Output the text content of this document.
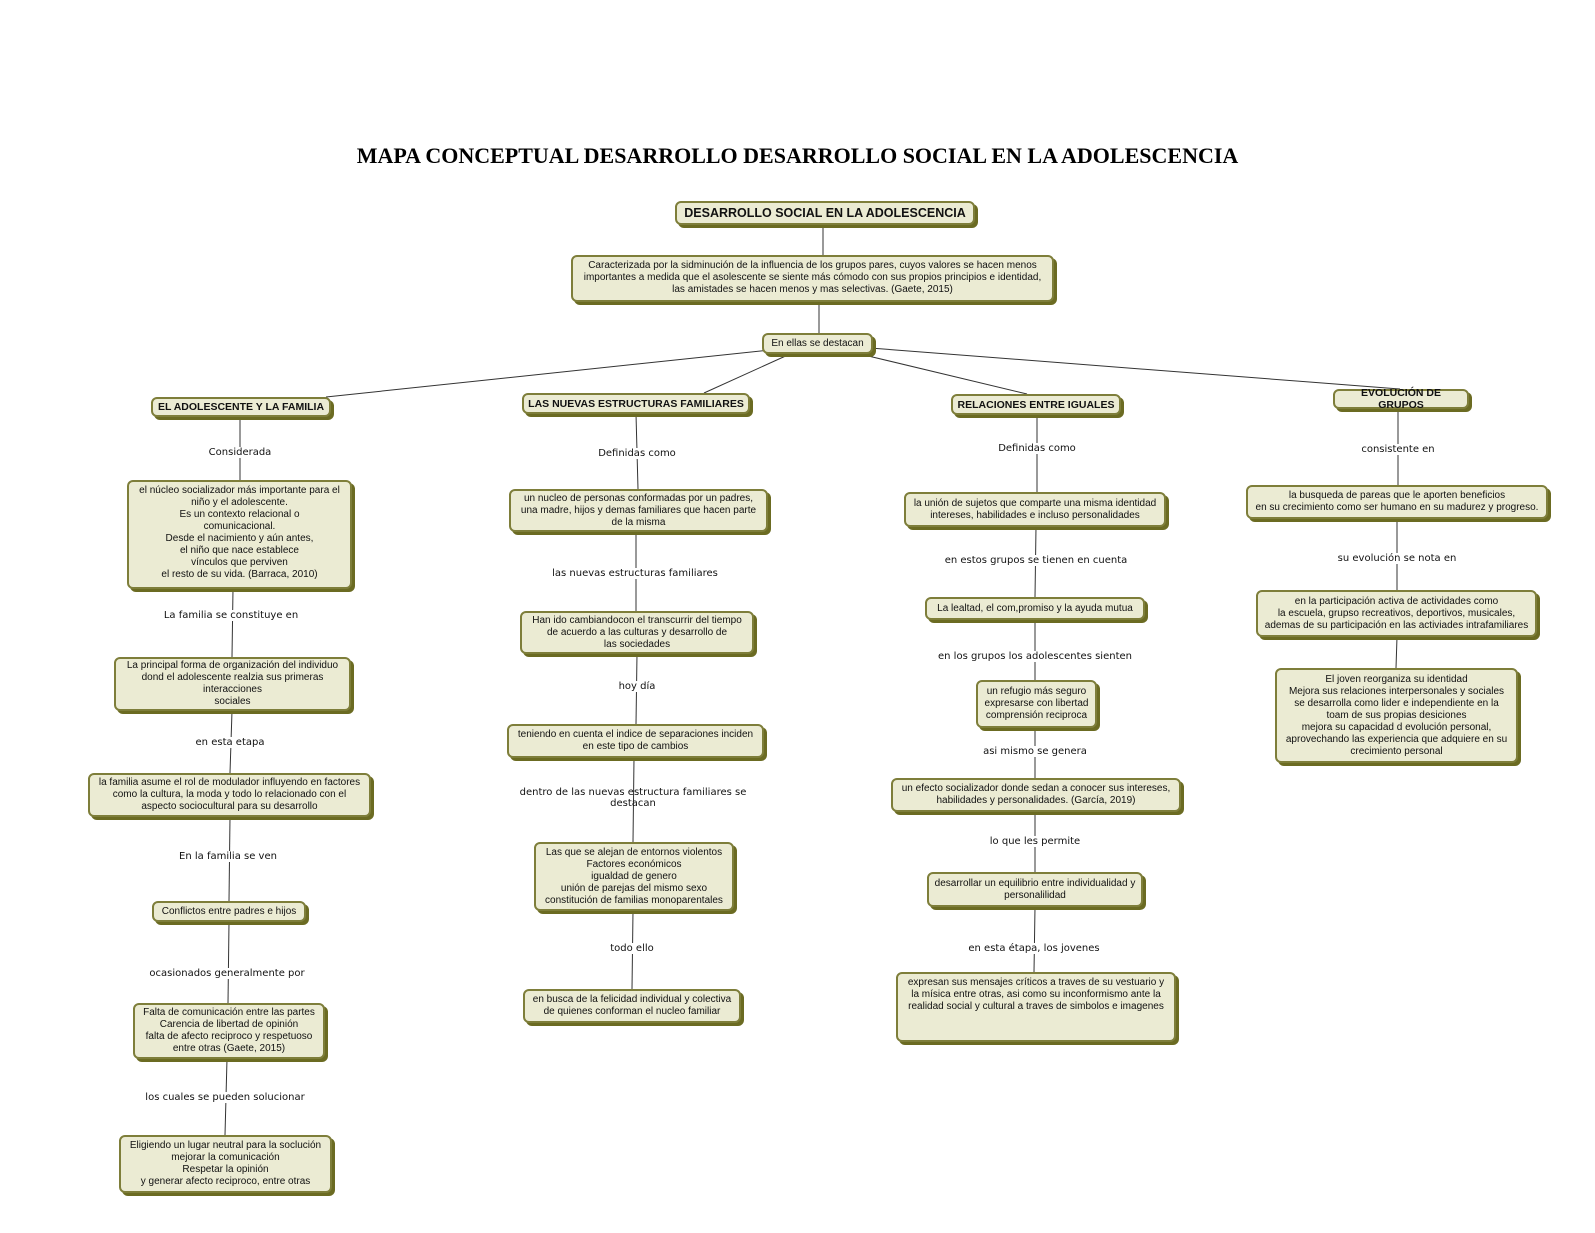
MAPA CONCEPTUAL DESARROLLO DESARROLLO SOCIAL EN LA ADOLESCENCIA
DESARROLLO SOCIAL EN LA ADOLESCENCIA
Caracterizada por la sidminución de la influencia de los grupos pares, cuyos valores se hacen menos
importantes a medida que el asolescente se siente más cómodo con sus propios principios e identidad,
las amistades se hacen menos y mas selectivas. (Gaete, 2015)
En ellas se destacan
EL ADOLESCENTE Y LA FAMILIA
Considerada
el núcleo socializador más importante para el
niño y el adolescente.
Es un contexto relacional o
comunicacional.
Desde el nacimiento y aún antes,
el niño que nace establece
vínculos que perviven
el resto de su vida. (Barraca, 2010)
La familia se constituye en
La principal forma de organización del individuo
dond el adolescente realzia sus primeras
interacciones
sociales
en esta etapa
la familia asume el rol de modulador influyendo en factores
como la cultura, la moda y todo lo relacionado con el
aspecto sociocultural para su desarrollo
En la familia se ven
Conflictos entre padres e hijos
ocasionados generalmente por
Falta de comunicación entre las partes
Carencia de libertad de opinión
falta de afecto reciproco y respetuoso
entre otras (Gaete, 2015)
los cuales se pueden solucionar
Eligiendo un lugar neutral para la soclución
mejorar la comunicación
Respetar la opinión
y generar afecto reciproco, entre otras
LAS NUEVAS ESTRUCTURAS FAMILIARES
Definidas como
un nucleo de personas conformadas por un padres,
una madre, hijos y demas familiares que hacen parte
de la misma
las nuevas estructuras familiares
Han ido cambiandocon el transcurrir del tiempo
de acuerdo a las culturas y desarrollo de
las sociedades
hoy día
teniendo en cuenta el indice de separaciones inciden
en este tipo de cambios
dentro de las nuevas estructura familiares se
destacan
Las que se alejan de entornos violentos
Factores económicos
igualdad de genero
unión de parejas del mismo sexo
constitución de familias monoparentales
todo ello
en busca de la felicidad individual y colectiva
de quienes conforman el nucleo familiar
RELACIONES ENTRE IGUALES
Definidas como
la unión de sujetos que comparte una misma identidad
intereses, habilidades e incluso personalidades
en estos grupos se tienen en cuenta
La lealtad, el com,promiso y la ayuda mutua
en los grupos los adolescentes sienten
un refugio más seguro
expresarse con libertad
comprensión reciproca
asi mismo se genera
un efecto socializador donde sedan a conocer sus intereses,
habilidades y personalidades. (García, 2019)
lo que les permite
desarrollar un equilibrio entre individualidad y
personalilidad
en esta étapa, los jovenes
expresan sus mensajes críticos a traves de su vestuario y
la mísica entre otras, asi como su inconformismo ante la
realidad social y cultural a traves de simbolos e imagenes
EVOLUCIÓN DE GRUPOS
consistente en
la busqueda de pareas que le aporten beneficios
en su crecimiento como ser humano en su madurez y progreso.
su evolución se nota en
en la participación activa de actividades como
la escuela, grupso recreativos, deportivos, musicales,
ademas de su participación en las activiades intrafamiliares
El joven reorganiza su identidad
Mejora sus relaciones interpersonales y sociales
se desarrolla como lider e independiente en la
toam de sus propias desiciones
mejora su capacidad d evolución personal,
aprovechando las experiencia que adquiere en su
crecimiento personal
